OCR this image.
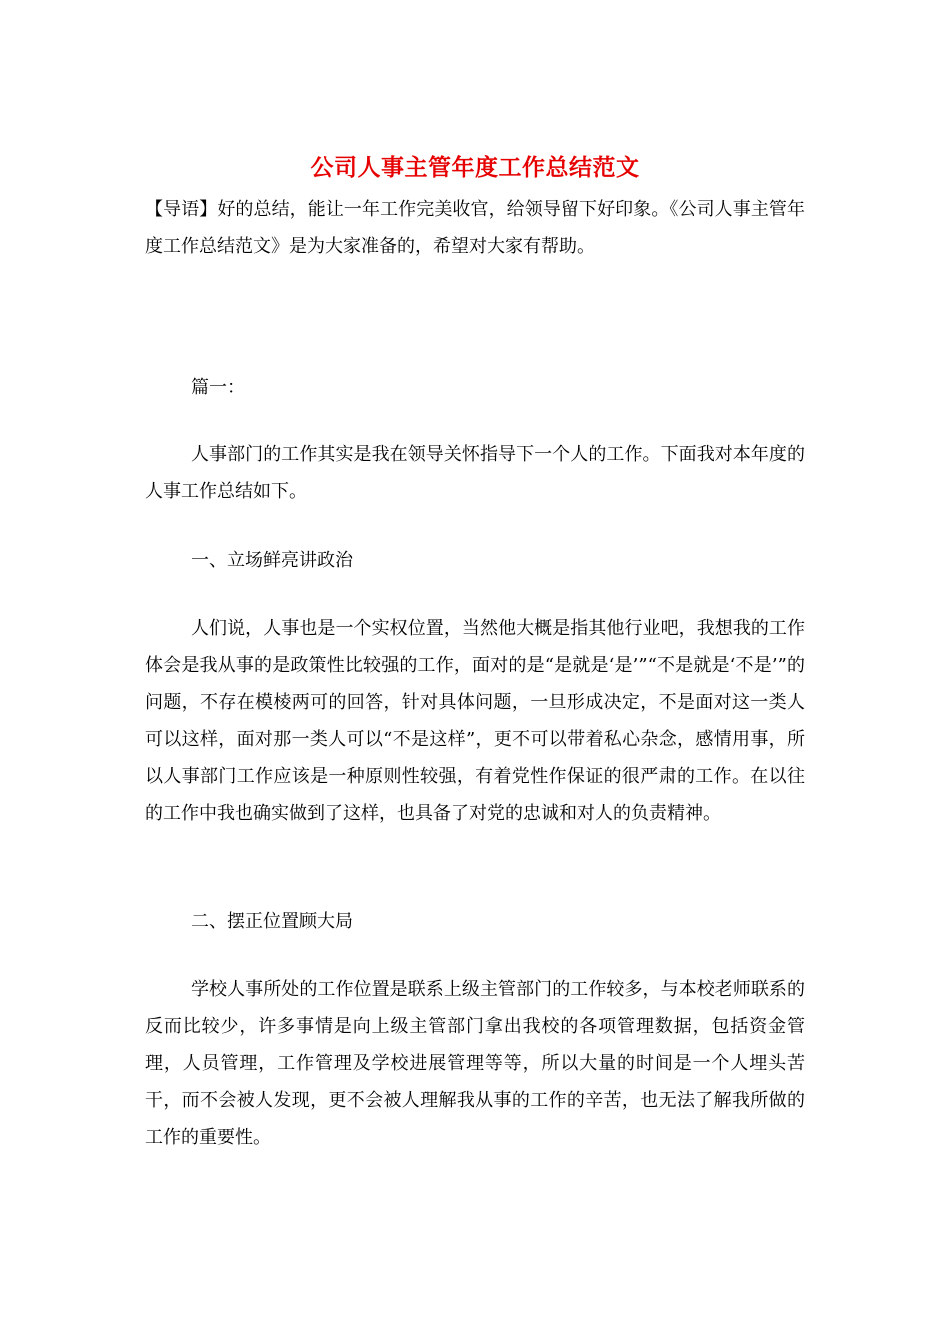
公司人事主管年度工作总结范文

【导语】好的总结，能让一年工作完美收官，给领导留下好印象。《公司人事主管年度工作总结范文》是为大家准备的，希望对大家有帮助。

篇一：

人事部门的工作其实是我在领导关怀指导下一个人的工作。下面我对本年度的人事工作总结如下。

一、立场鲜亮讲政治

人们说，人事也是一个实权位置，当然他大概是指其他行业吧，我想我的工作体会是我从事的是政策性比较强的工作，面对的是“是就是‘是’”“不是就是‘不是’”的问题，不存在模棱两可的回答，针对具体问题，一旦形成决定，不是面对这一类人可以这样，面对那一类人可以“不是这样”，更不可以带着私心杂念，感情用事，所以人事部门工作应该是一种原则性较强，有着党性作保证的很严肃的工作。在以往的工作中我也确实做到了这样，也具备了对党的忠诚和对人的负责精神。

二、摆正位置顾大局

学校人事所处的工作位置是联系上级主管部门的工作较多，与本校老师联系的反而比较少，许多事情是向上级主管部门拿出我校的各项管理数据，包括资金管理，人员管理，工作管理及学校进展管理等等，所以大量的时间是一个人埋头苦干，而不会被人发现，更不会被人理解我从事的工作的辛苦，也无法了解我所做的工作的重要性。
